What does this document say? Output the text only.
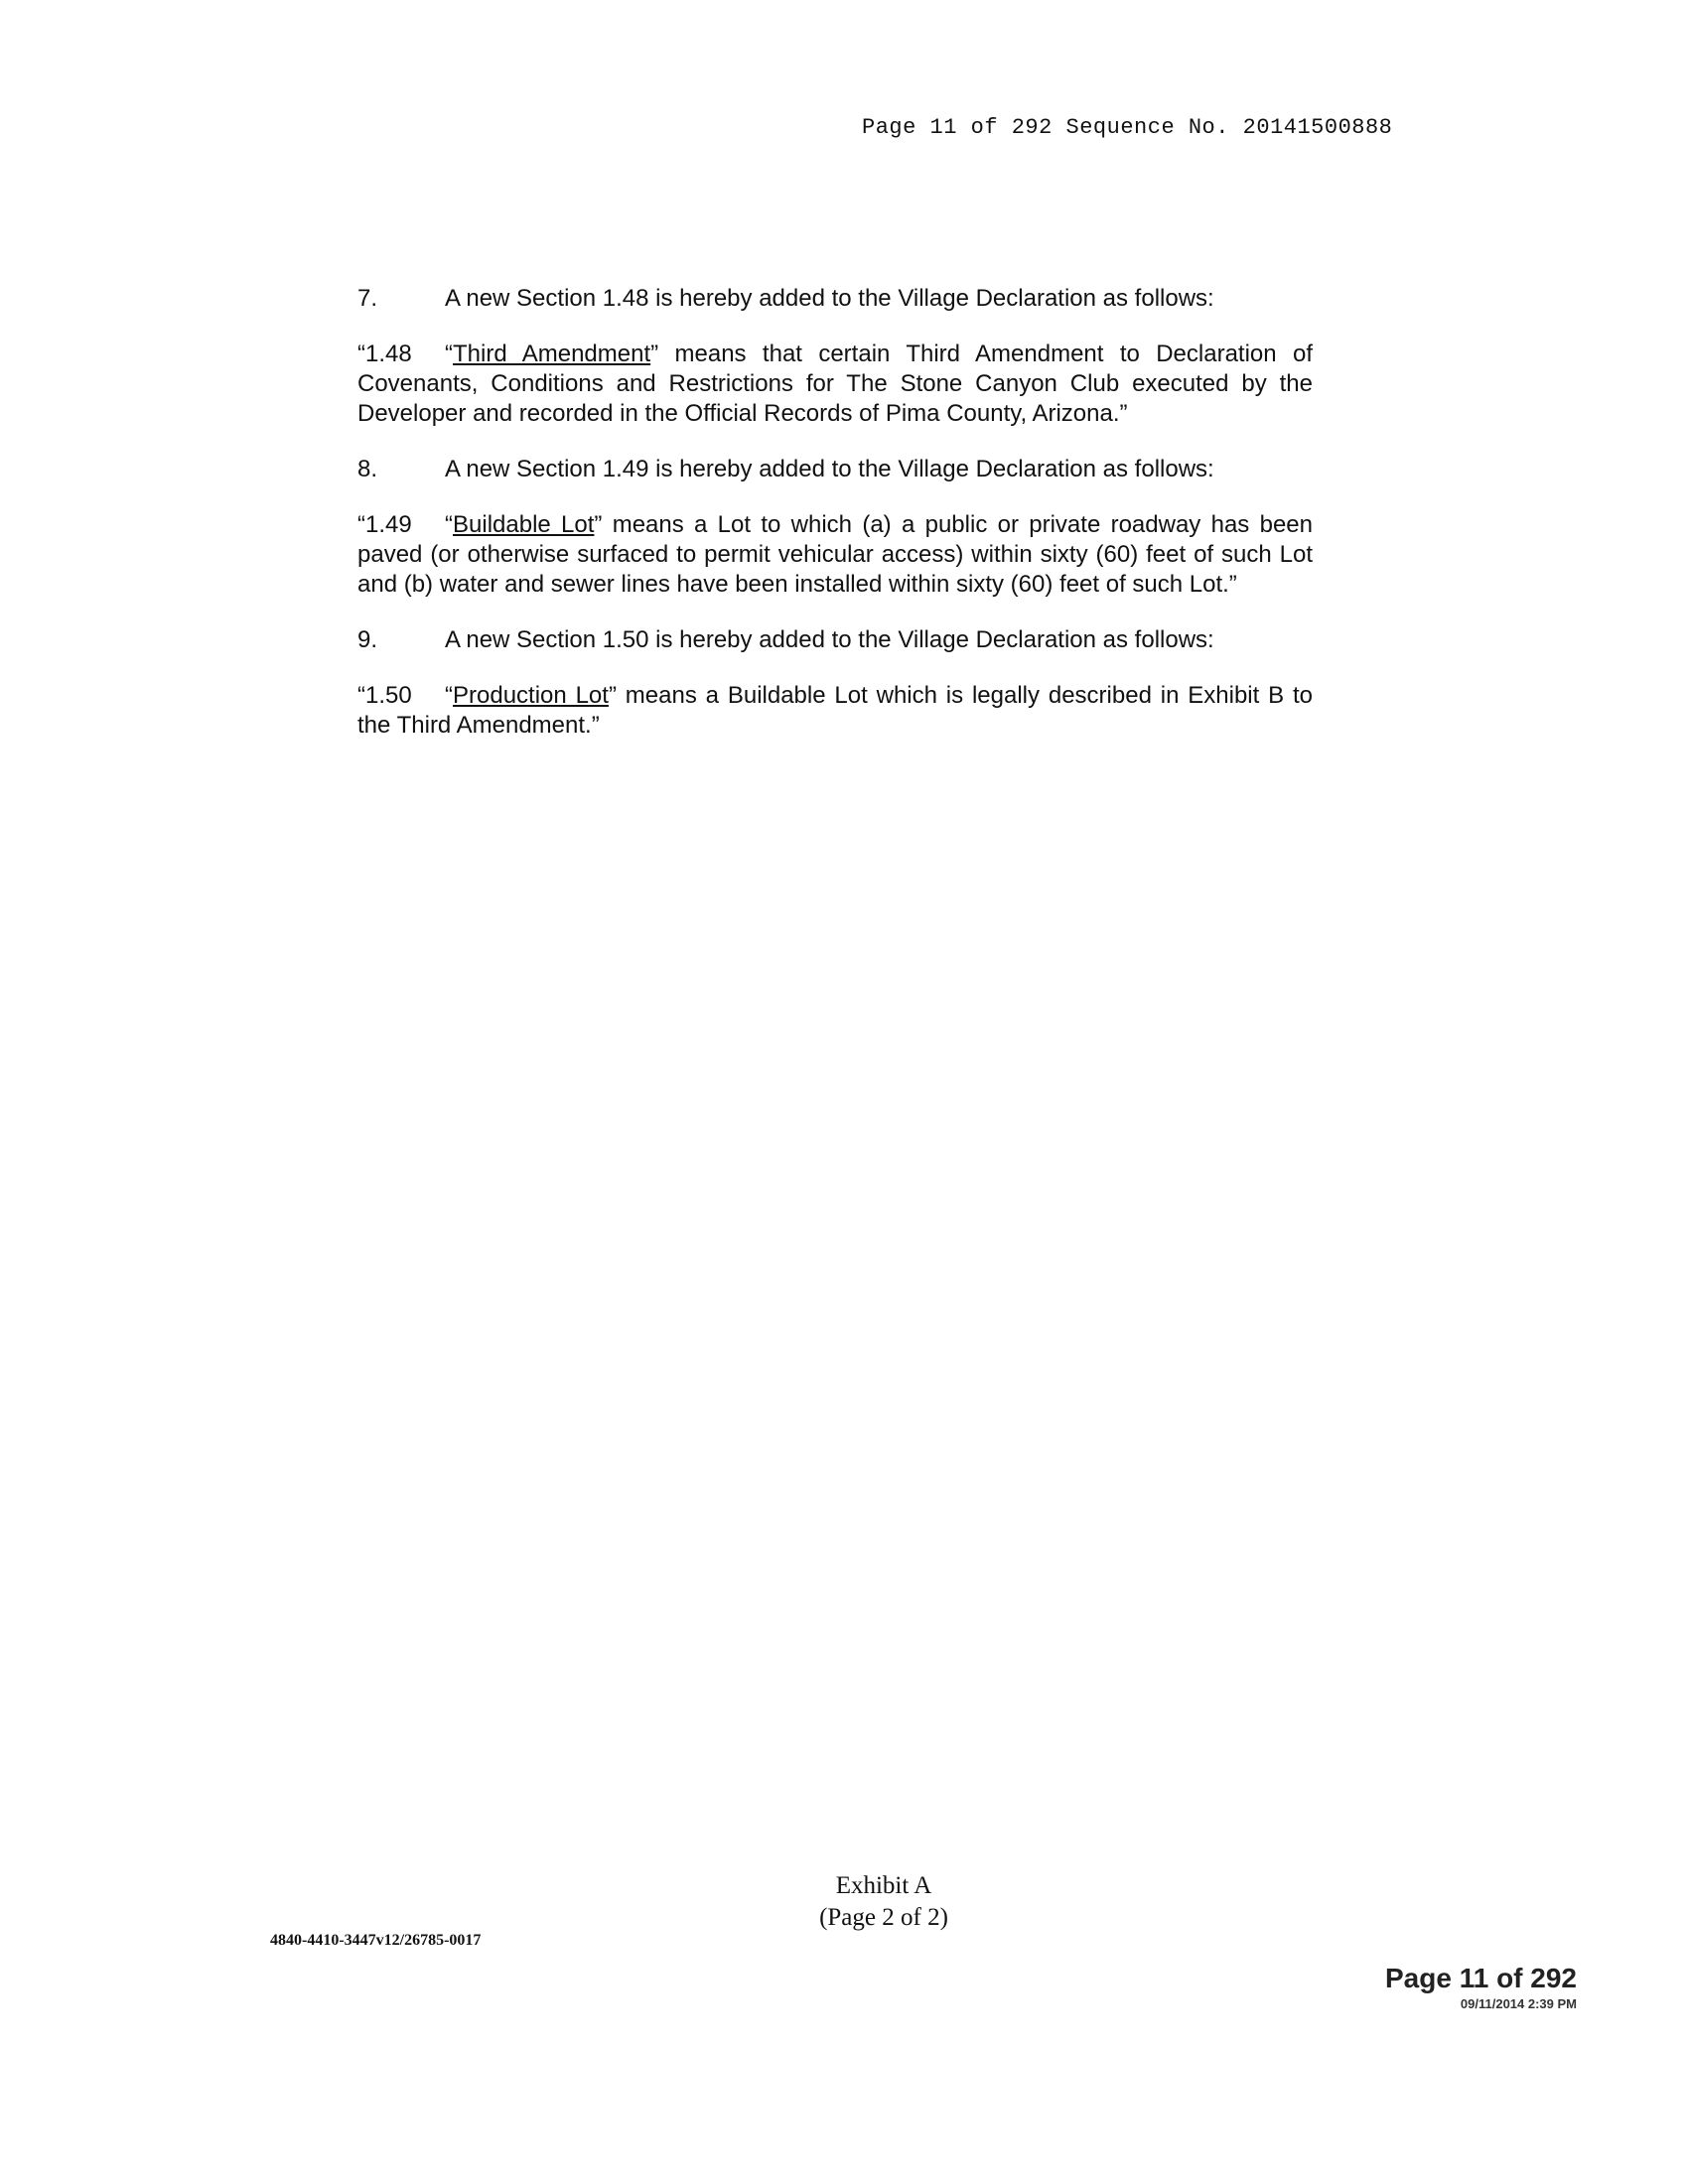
Page 11 of 292 Sequence No. 20141500888
7.	A new Section 1.48 is hereby added to the Village Declaration as follows:

“1.48 “Third Amendment” means that certain Third Amendment to Declaration of Covenants, Conditions and Restrictions for The Stone Canyon Club executed by the Developer and recorded in the Official Records of Pima County, Arizona.”

8.	A new Section 1.49 is hereby added to the Village Declaration as follows:

“1.49 “Buildable Lot” means a Lot to which (a) a public or private roadway has been paved (or otherwise surfaced to permit vehicular access) within sixty (60) feet of such Lot and (b) water and sewer lines have been installed within sixty (60) feet of such Lot.”

9.	A new Section 1.50 is hereby added to the Village Declaration as follows:

“1.50 “Production Lot” means a Buildable Lot which is legally described in Exhibit B to the Third Amendment.”

Exhibit A
(Page 2 of 2)
4840-4410-3447v12/26785-0017
Page 11 of 292
09/11/2014 2:39 PM
